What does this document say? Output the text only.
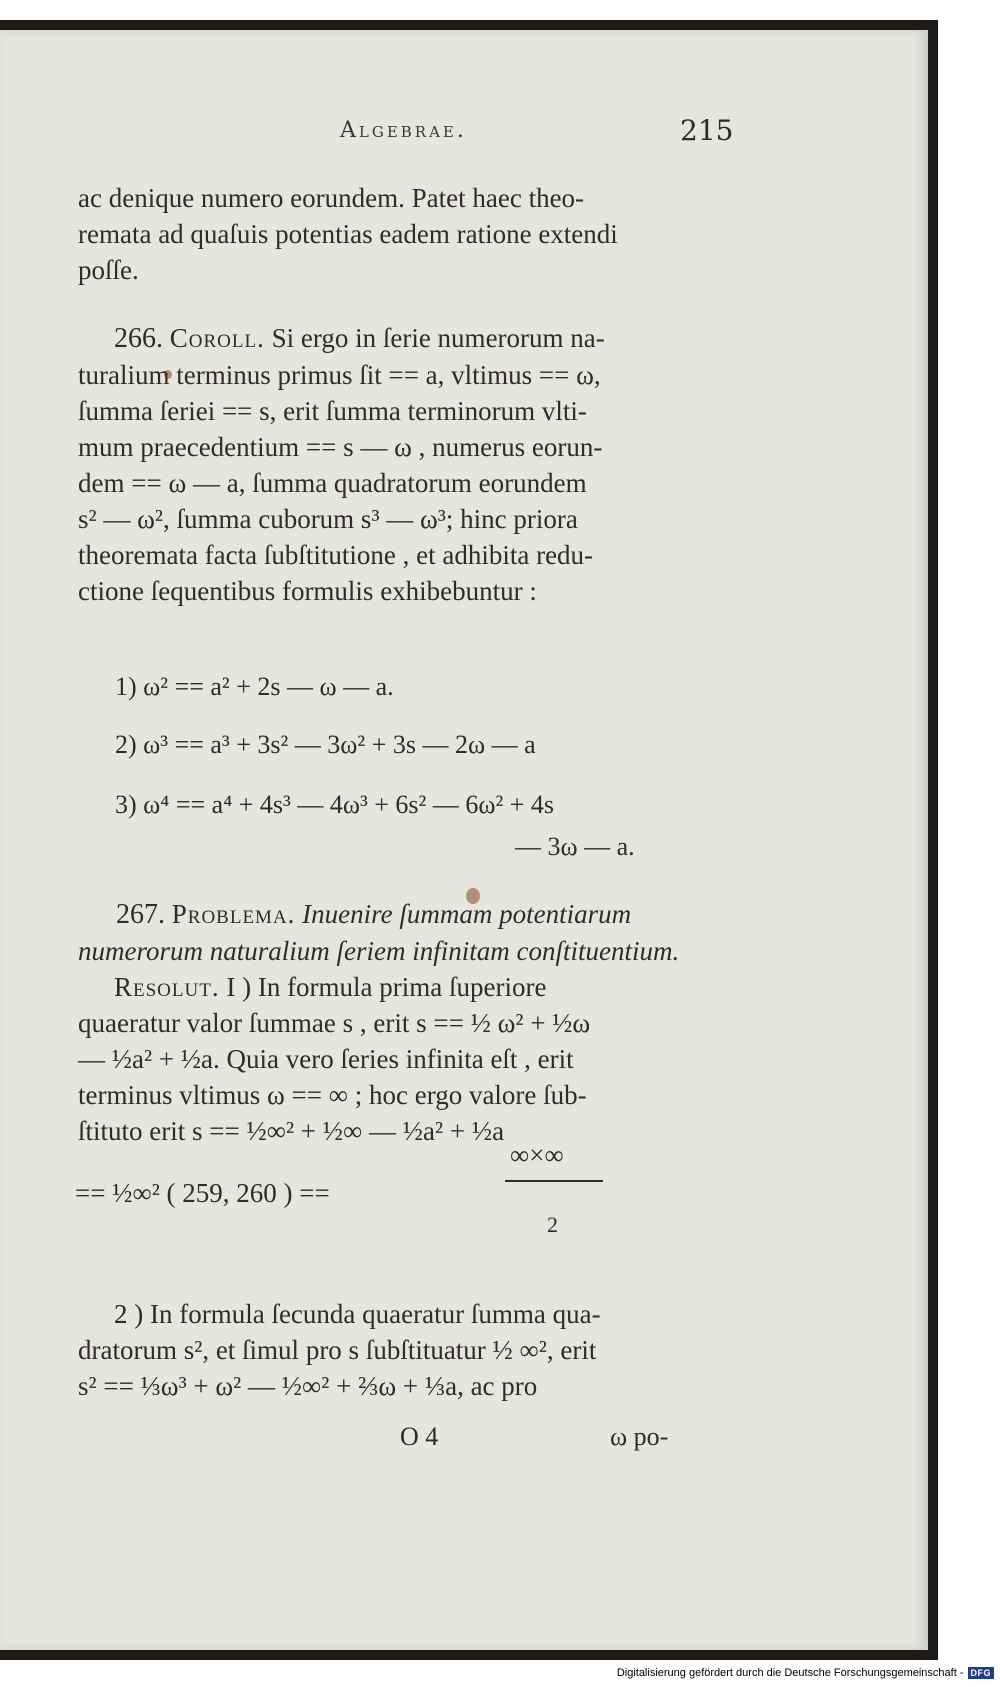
Algebrae.	215

ac denique numero eorundem. Patet haec theo-

remata ad quaſuis potentias eadem ratione extendi

poſſe.

266. Coroll. Si ergo in ſerie numerorum na-

turalium terminus primus ſit == a, vltimus == ω,

ſumma ſeriei == s, erit ſumma terminorum vlti-

mum praecedentium == s — ω , numerus eorun-

dem == ω — a, ſumma quadratorum eorundem

s² — ω², ſumma cuborum s³ — ω³; hinc priora

theoremata facta ſubſtitutione , et adhibita redu-

ctione ſequentibus formulis exhibebuntur :

1) ω² == a² + 2s — ω — a.
2) ω³ == a³ + 3s² — 3ω² + 3s — 2ω — a
3) ω⁴ == a⁴ + 4s³ — 4ω³ + 6s² — 6ω² + 4s
— 3ω — a.

267. Problema. Inuenire ſummam potentiarum

numerorum naturalium ſeriem infinitam conſtituentium.

Resolut. I ) In formula prima ſuperiore

quaeratur valor ſummae s , erit s == ½ ω² + ½ω

— ½a² + ½a. Quia vero ſeries infinita eſt , erit

terminus vltimus ω == ∞ ; hoc ergo valore ſub-

ſtituto erit s == ½∞² + ½∞ — ½a² + ½a

== ½∞² ( 259, 260 ) ==
∞×∞
2

2 ) In formula ſecunda quaeratur ſumma qua-

dratorum s², et ſimul pro s ſubſtituatur ½ ∞², erit

s² == ⅓ω³ + ω² — ½∞² + ⅔ω + ⅓a, ac pro

O 4	ω po-
Digitalisierung gefördert durch die Deutsche Forschungsgemeinschaft - DFG
